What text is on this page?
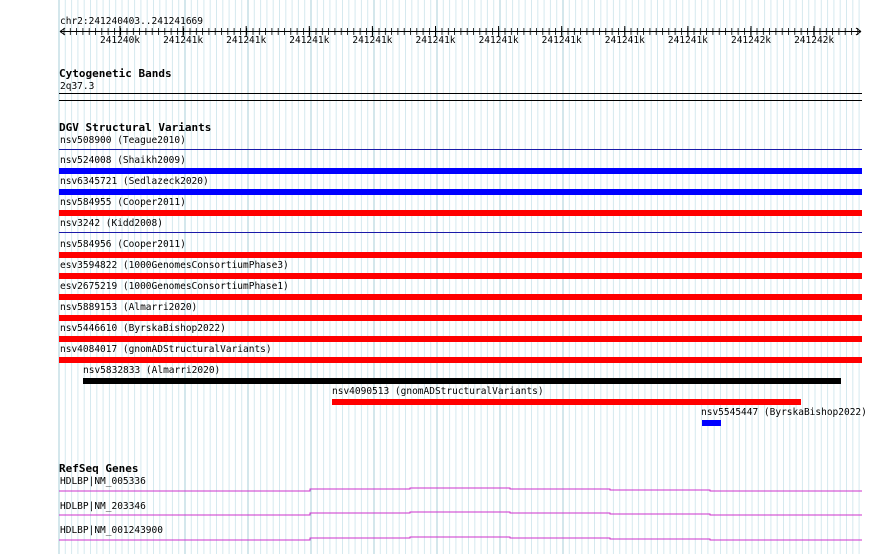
chr2:241240403..241241669
241240k 241241k 241241k 241241k 241241k 241241k 241241k 241241k 241241k 241241k 241242k 241242k
Cytogenetic Bands
2q37.3
DGV Structural Variants
nsv508900 (Teague2010)
nsv524008 (Shaikh2009)
nsv6345721 (Sedlazeck2020)
nsv584955 (Cooper2011)
nsv3242 (Kidd2008)
nsv584956 (Cooper2011)
esv3594822 (1000GenomesConsortiumPhase3)
esv2675219 (1000GenomesConsortiumPhase1)
nsv5889153 (Almarri2020)
nsv5446610 (ByrskaBishop2022)
nsv4084017 (gnomADStructuralVariants)
nsv5832833 (Almarri2020)
nsv4090513 (gnomADStructuralVariants)
nsv5545447 (ByrskaBishop2022)
RefSeq Genes
HDLBP|NM_005336
HDLBP|NM_203346
HDLBP|NM_001243900
